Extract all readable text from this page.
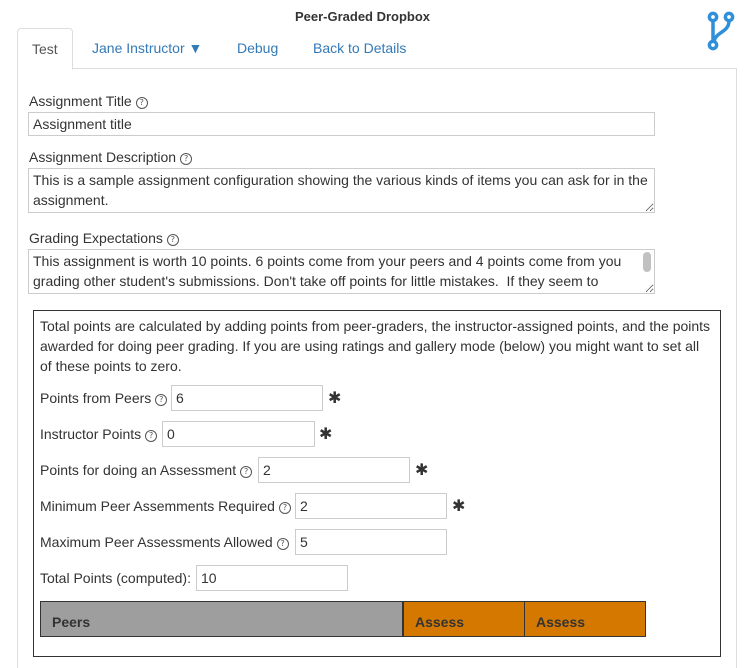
Peer-Graded Dropbox
Test	Jane Instructor ▼ Debug Back to Details
Assignment Title ?
Assignment title
Assignment Description ?
This is a sample assignment configuration showing the various kinds of items you can ask for in the assignment.
Grading Expectations ?
This assignment is worth 10 points. 6 points come from your peers and 4 points come from you grading other student's submissions. Don't take off points for little mistakes. If they seem to
Total points are calculated by adding points from peer-graders, the instructor-assigned points, and the points awarded for doing peer grading. If you are using ratings and gallery mode (below) you might want to set all of these points to zero.
Points from Peers ?
6	✱
Instructor Points ?
0	✱
Points for doing an Assessment ?
2	✱
Minimum Peer Assemments Required ?
2	✱
Maximum Peer Assessments Allowed ?
5
Total Points (computed):
10
Peers	Assess	Assess
